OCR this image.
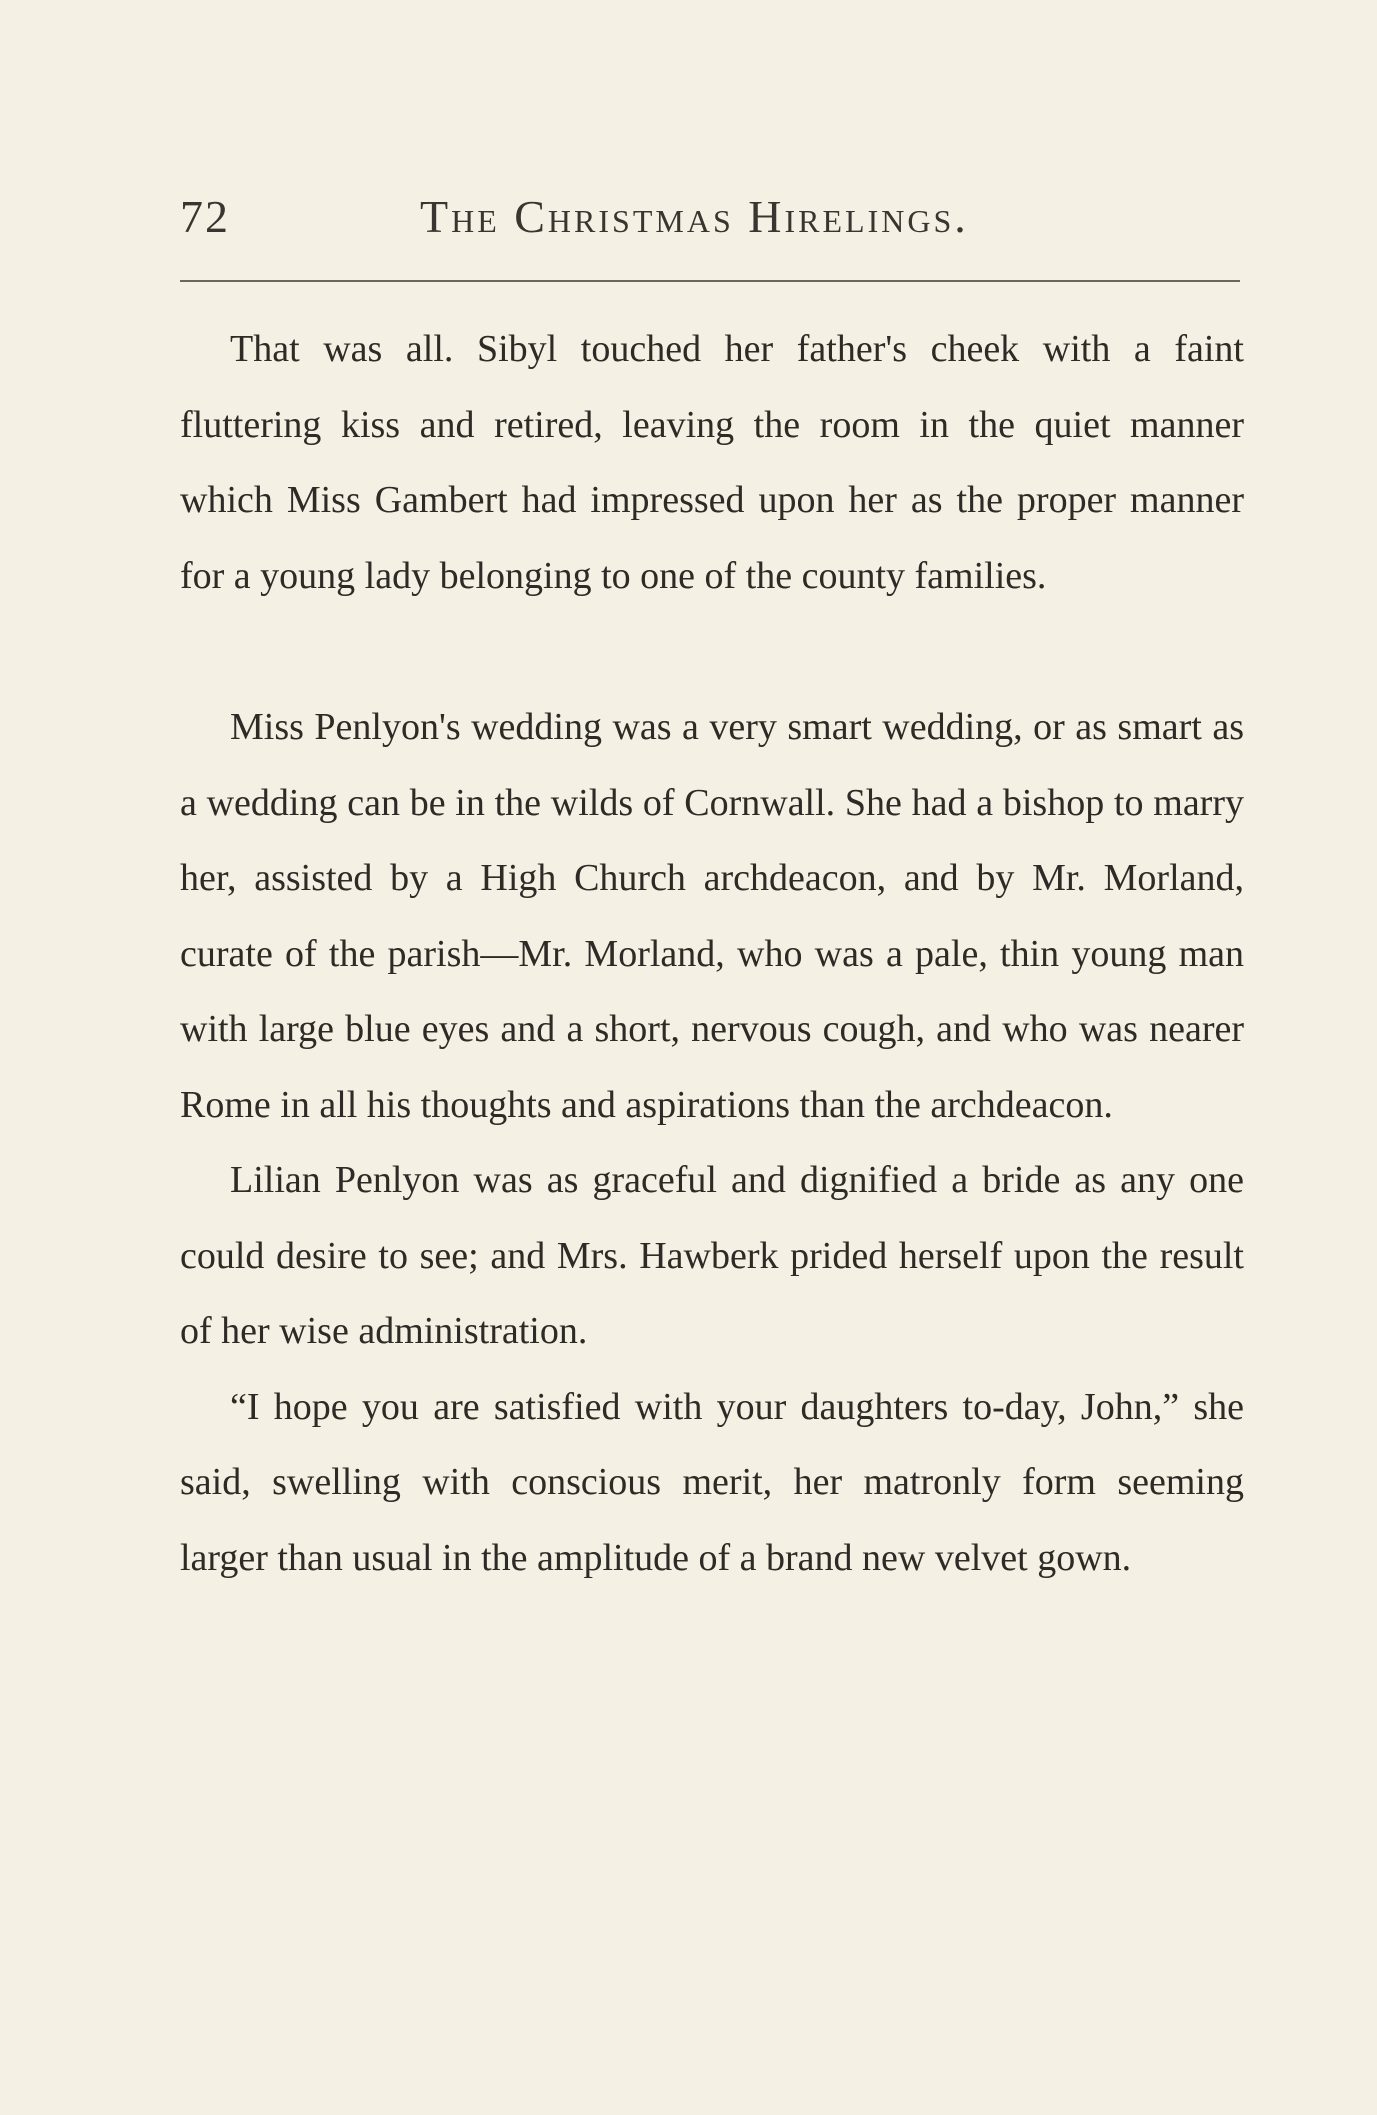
72	The Christmas Hirelings.

That was all. Sibyl touched her father's cheek with a faint fluttering kiss and retired, leaving the room in the quiet manner which Miss Gambert had impressed upon her as the proper manner for a young lady belonging to one of the county families.

Miss Penlyon's wedding was a very smart wedding, or as smart as a wedding can be in the wilds of Cornwall. She had a bishop to marry her, assisted by a High Church archdeacon, and by Mr. Morland, curate of the parish—Mr. Morland, who was a pale, thin young man with large blue eyes and a short, nervous cough, and who was nearer Rome in all his thoughts and aspirations than the archdeacon.

Lilian Penlyon was as graceful and dignified a bride as any one could desire to see; and Mrs. Hawberk prided herself upon the result of her wise administration.

“I hope you are satisfied with your daughters to-day, John,” she said, swelling with conscious merit, her matronly form seeming larger than usual in the amplitude of a brand new velvet gown.
